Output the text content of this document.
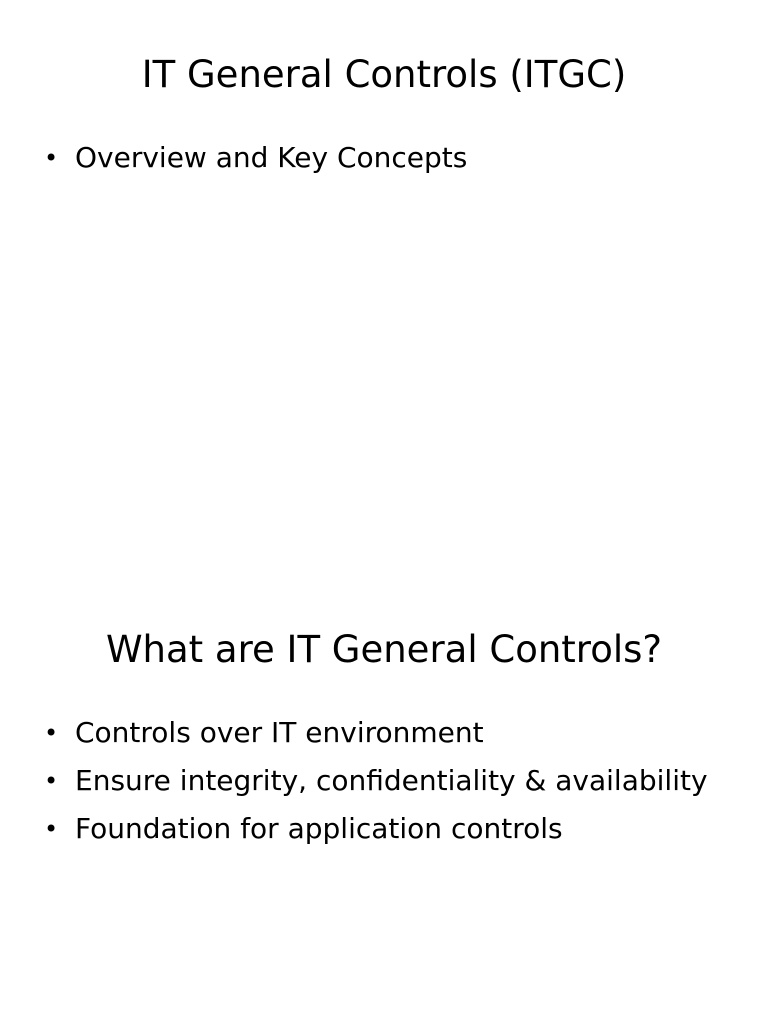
IT General Controls (ITGC)
• Overview and Key Concepts
What are IT General Controls?
• Controls over IT environment
• Ensure integrity, confidentiality & availability
• Foundation for application controls
